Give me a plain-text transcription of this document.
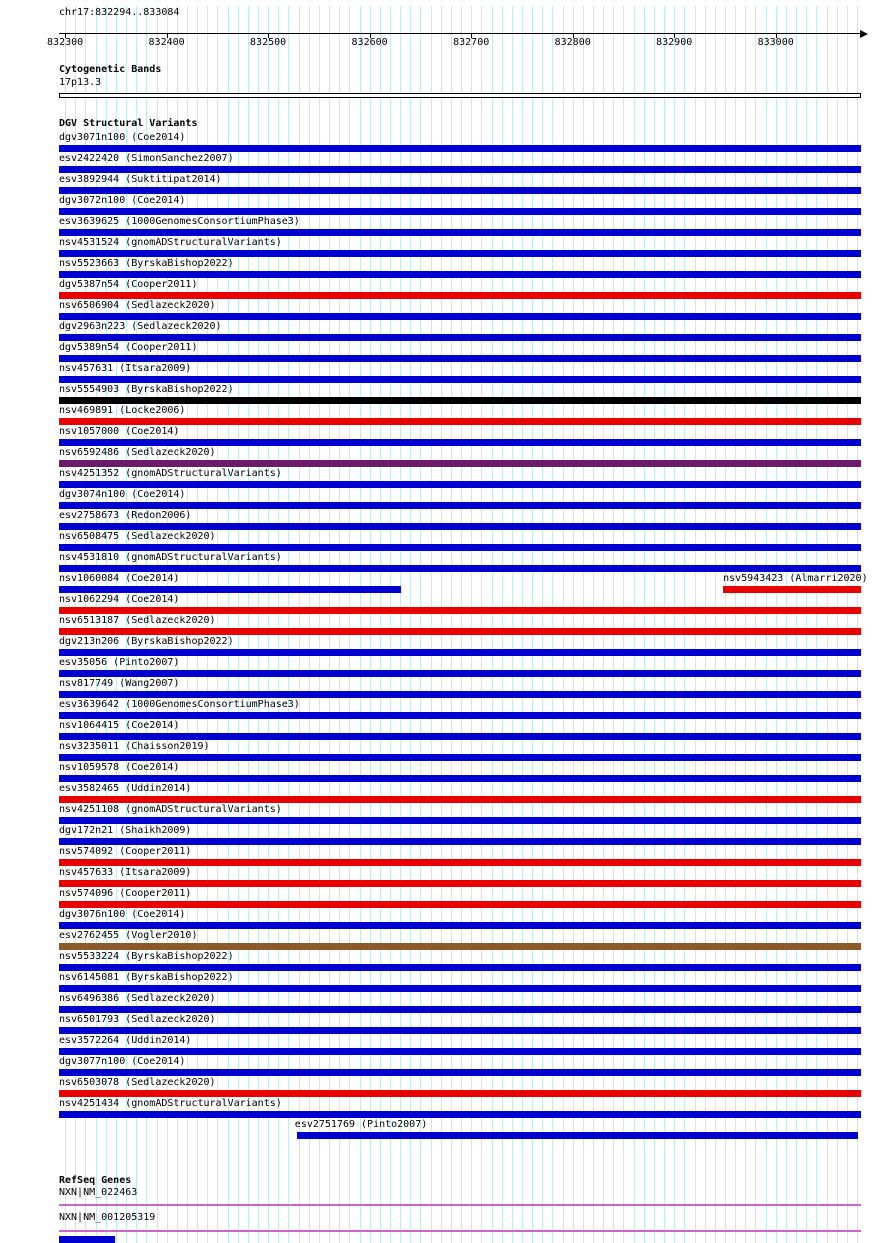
chr17:832294..833084
Cytogenetic Bands
17p13.3
DGV Structural Variants
RefSeq Genes
NXN|NM_022463
NXN|NM_001205319
832300	832400	832500	832600	832700	832800	832900	833000
dgv3071n100 (Coe2014)
esv2422420 (SimonSanchez2007)
esv3892944 (Suktitipat2014)
dgv3072n100 (Coe2014)
esv3639625 (1000GenomesConsortiumPhase3)
nsv4531524 (gnomADStructuralVariants)
nsv5523663 (ByrskaBishop2022)
dgv5387n54 (Cooper2011)
nsv6506904 (Sedlazeck2020)
dgv2963n223 (Sedlazeck2020)
dgv5389n54 (Cooper2011)
nsv457631 (Itsara2009)
nsv5554903 (ByrskaBishop2022)
nsv469891 (Locke2006)
nsv1057000 (Coe2014)
nsv6592486 (Sedlazeck2020)
nsv4251352 (gnomADStructuralVariants)
dgv3074n100 (Coe2014)
esv2758673 (Redon2006)
nsv6508475 (Sedlazeck2020)
nsv4531810 (gnomADStructuralVariants)
nsv1060084 (Coe2014)	nsv5943423 (Almarri2020)
nsv1062294 (Coe2014)
nsv6513187 (Sedlazeck2020)
dgv213n206 (ByrskaBishop2022)
esv35056 (Pinto2007)
nsv817749 (Wang2007)
esv3639642 (1000GenomesConsortiumPhase3)
nsv1064415 (Coe2014)
nsv3235011 (Chaisson2019)
nsv1059578 (Coe2014)
esv3582465 (Uddin2014)
nsv4251108 (gnomADStructuralVariants)
dgv172n21 (Shaikh2009)
nsv574092 (Cooper2011)
nsv457633 (Itsara2009)
nsv574096 (Cooper2011)
dgv3076n100 (Coe2014)
esv2762455 (Vogler2010)
nsv5533224 (ByrskaBishop2022)
nsv6145081 (ByrskaBishop2022)
nsv6496386 (Sedlazeck2020)
nsv6501793 (Sedlazeck2020)
esv3572264 (Uddin2014)
dgv3077n100 (Coe2014)
nsv6503078 (Sedlazeck2020)
nsv4251434 (gnomADStructuralVariants)
esv2751769 (Pinto2007)
